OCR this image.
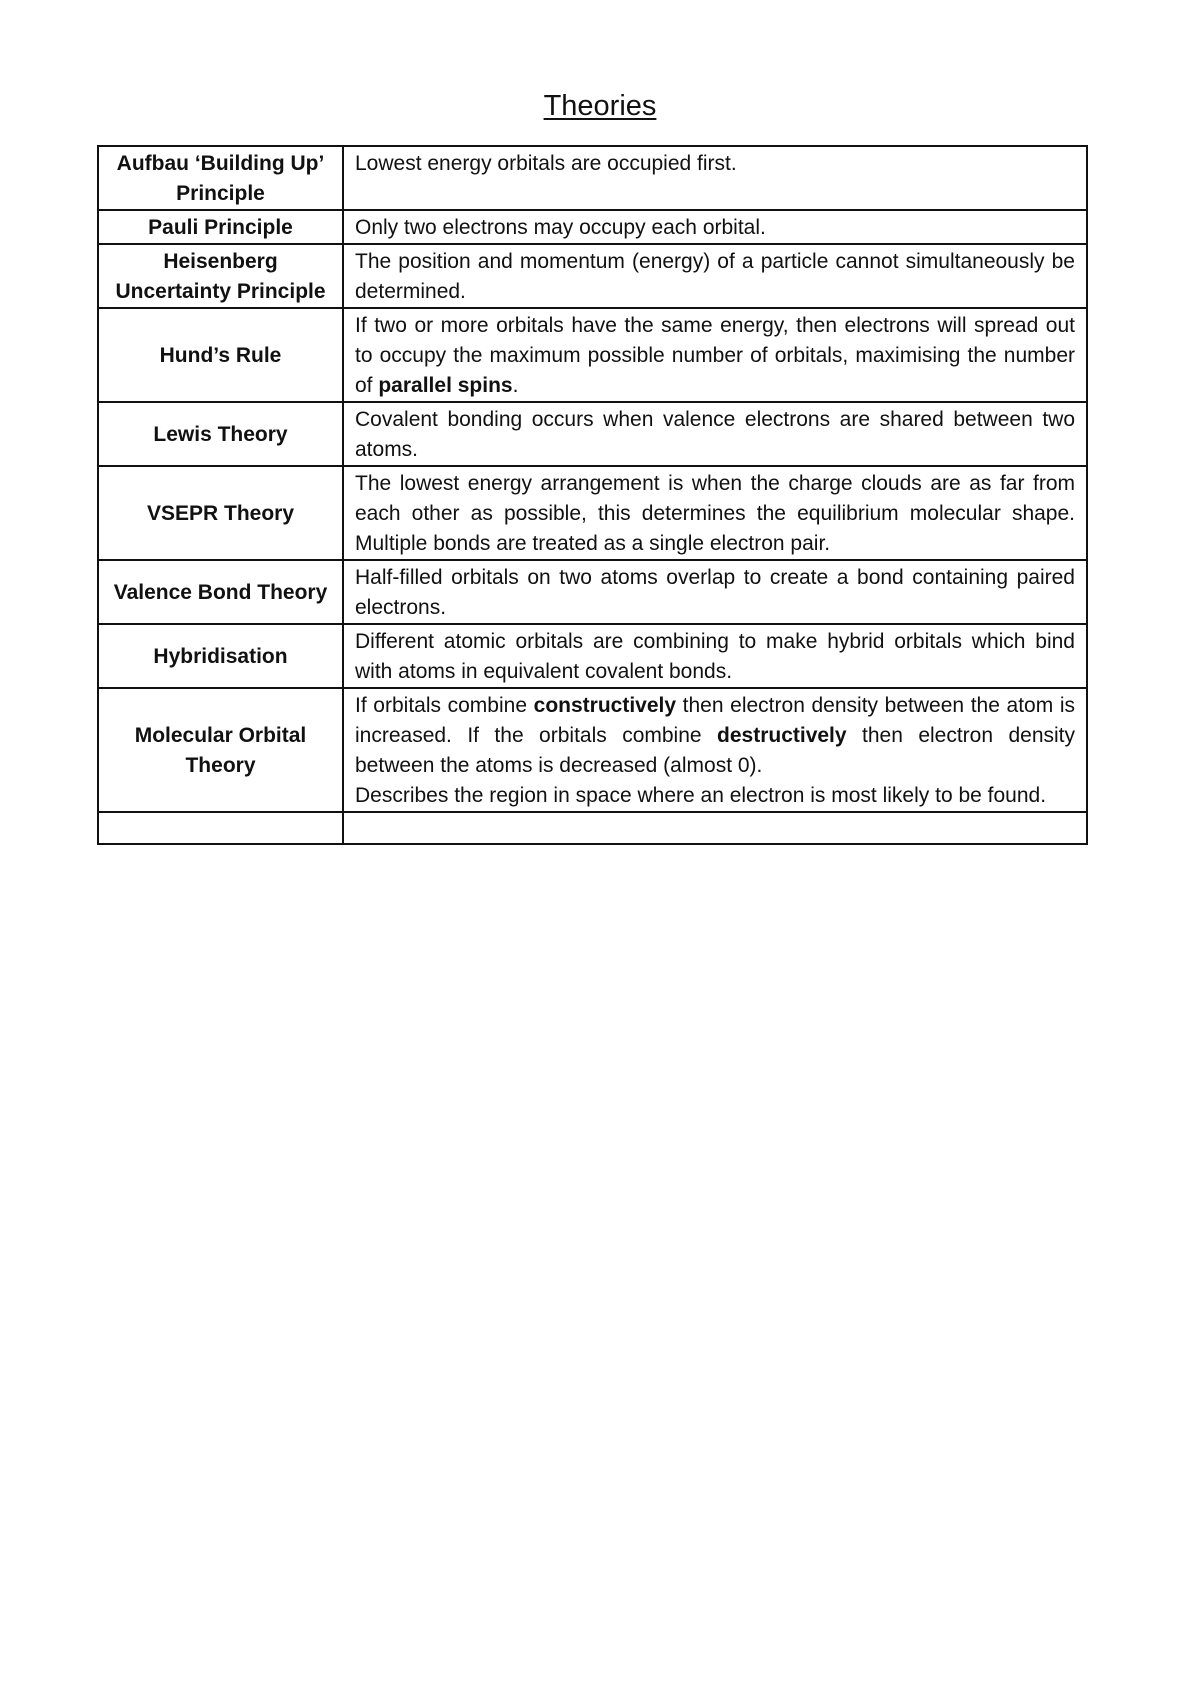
Theories
Aufbau ‘Building Up’ Principle	Lowest energy orbitals are occupied first.

Pauli Principle	Only two electrons may occupy each orbital.

Heisenberg Uncertainty Principle	The position and momentum (energy) of a particle cannot simultaneously be determined.

Hund’s Rule	If two or more orbitals have the same energy, then electrons will spread out to occupy the maximum possible number of orbitals, maximising the number of parallel spins.

Lewis Theory	Covalent bonding occurs when valence electrons are shared between two atoms.

VSEPR Theory	The lowest energy arrangement is when the charge clouds are as far from each other as possible, this determines the equilibrium molecular shape. Multiple bonds are treated as a single electron pair.

Valence Bond Theory	Half-filled orbitals on two atoms overlap to create a bond containing paired electrons.

Hybridisation	Different atomic orbitals are combining to make hybrid orbitals which bind with atoms in equivalent covalent bonds.

Molecular Orbital Theory	If orbitals combine constructively then electron density between the atom is increased. If the orbitals combine destructively then electron density between the atoms is decreased (almost 0).
Describes the region in space where an electron is most likely to be found.
